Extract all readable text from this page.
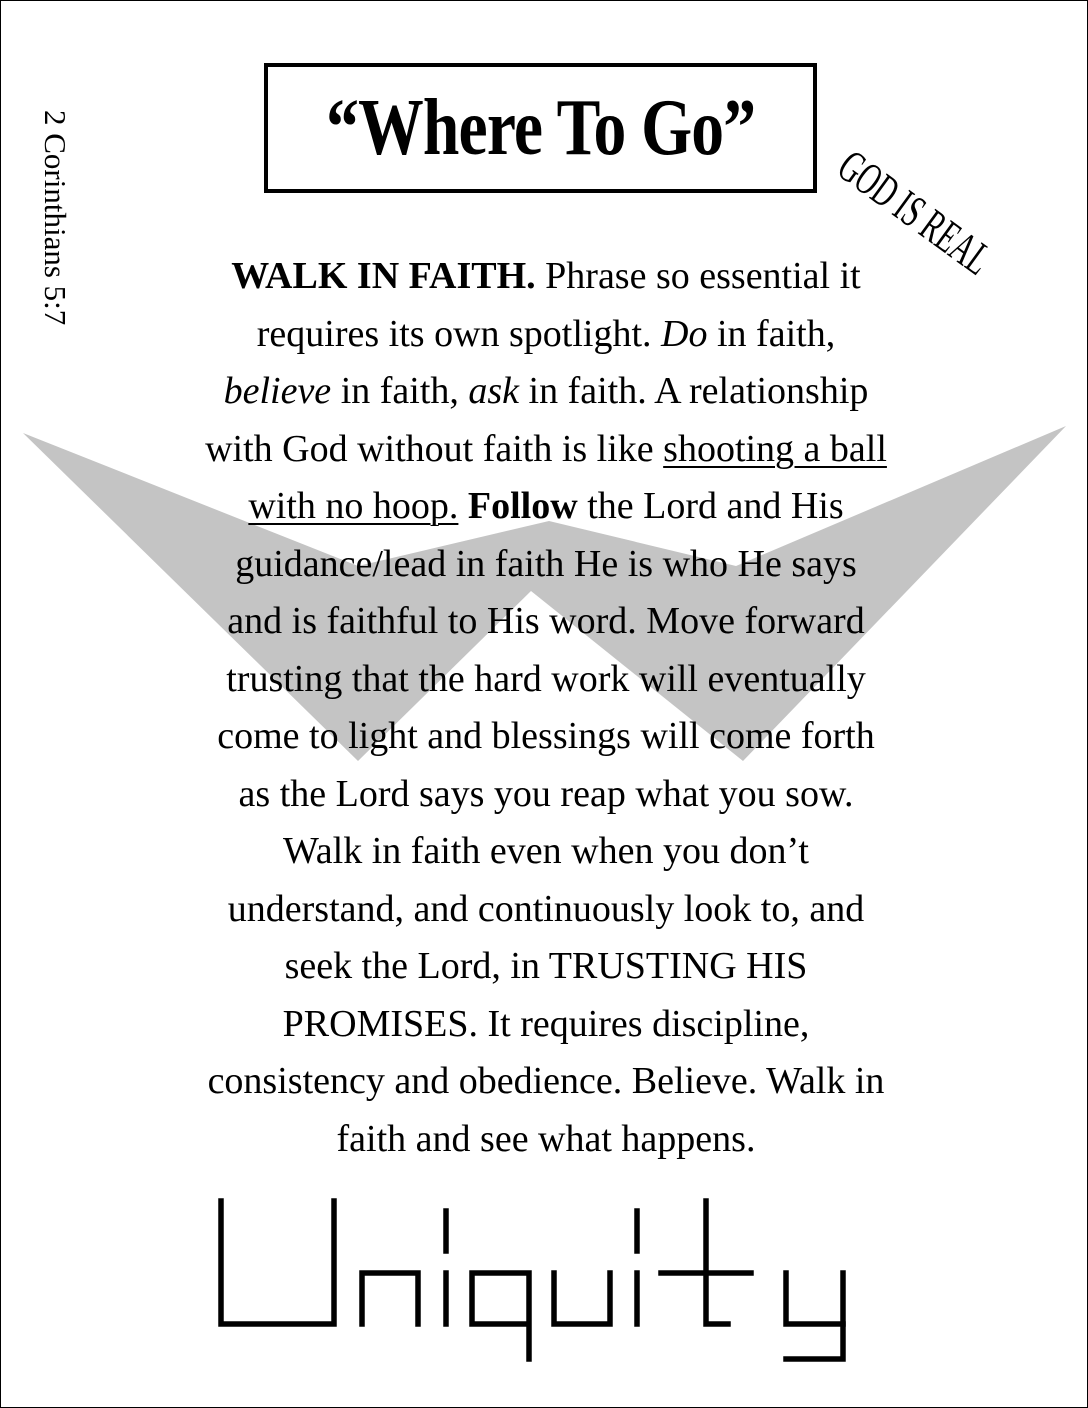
“Where To Go”
GOD IS REAL
2 Corinthians 5:7	WALK IN FAITH. Phrase so essential it
requires its own spotlight. Do in faith,
believe in faith, ask in faith. A relationship
with God without faith is like shooting a ball
with no hoop. Follow the Lord and His
guidance/lead in faith He is who He says
and is faithful to His word. Move forward
trusting that the hard work will eventually
come to light and blessings will come forth
as the Lord says you reap what you sow.
Walk in faith even when you don’t
understand, and continuously look to, and
seek the Lord, in TRUSTING HIS
PROMISES. It requires discipline,
consistency and obedience. Believe. Walk in
faith and see what happens.
